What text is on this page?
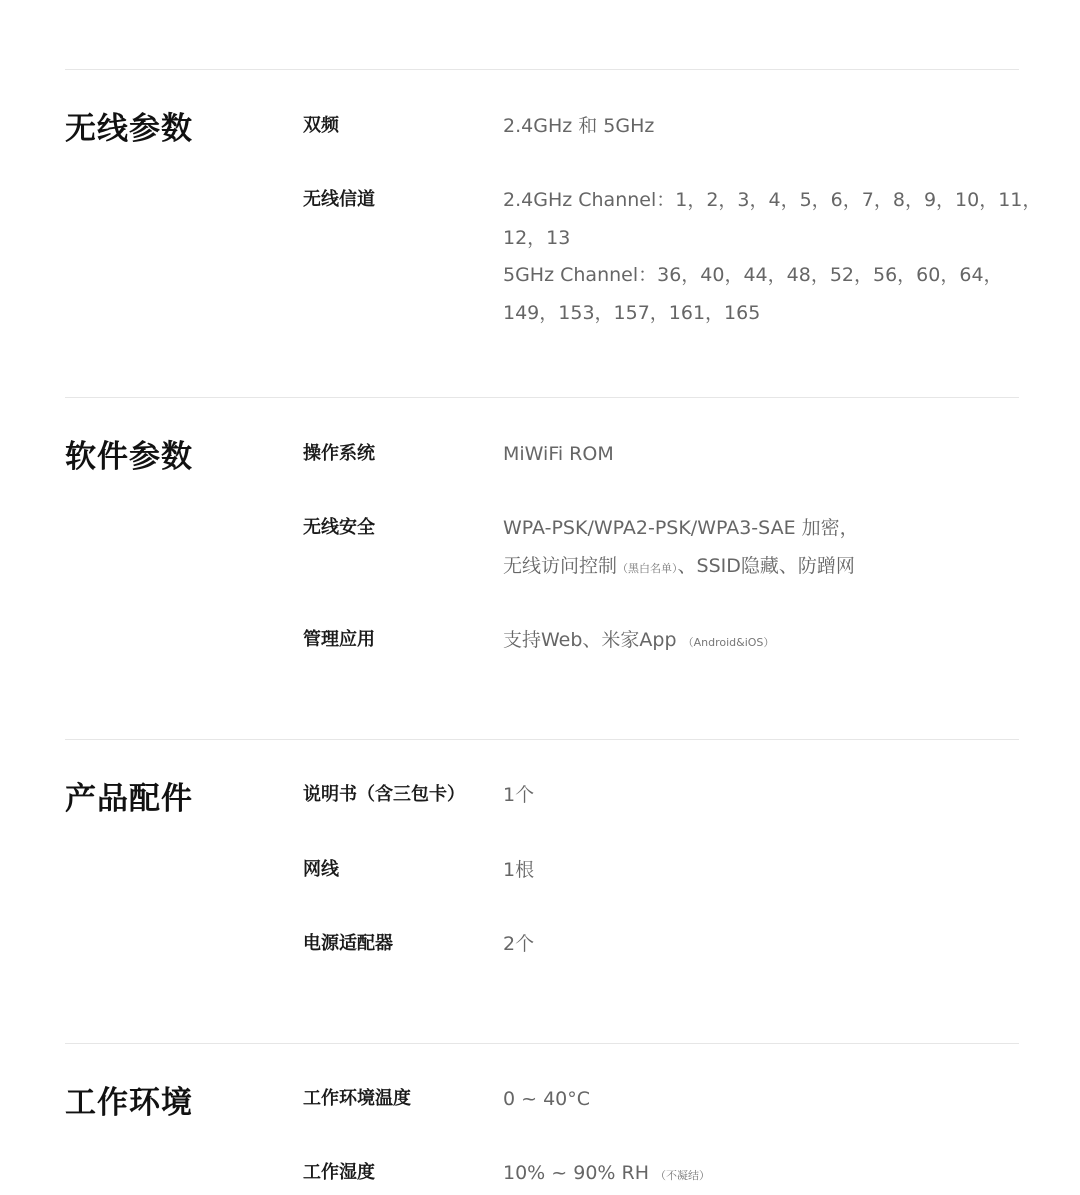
无线参数	双频	2.4GHz 和 5GHz
无线信道	2.4GHz Channel：1，2，3，4，5，6，7，8，9，10，11，
12，13
5GHz Channel：36，40，44，48，52，56，60，64，
149，153，157，161，165
软件参数	操作系统	MiWiFi ROM
无线安全	WPA-PSK/WPA2-PSK/WPA3-SAE 加密，
无线访问控制（黑白名单）、SSID隐藏、防蹭网
管理应用	支持Web、米家App （Android&iOS）
产品配件	说明书（含三包卡） 1个
网线	1根
电源适配器	2个
工作环境	工作环境温度	0 ~ 40°C
工作湿度	10% ~ 90% RH （不凝结）
